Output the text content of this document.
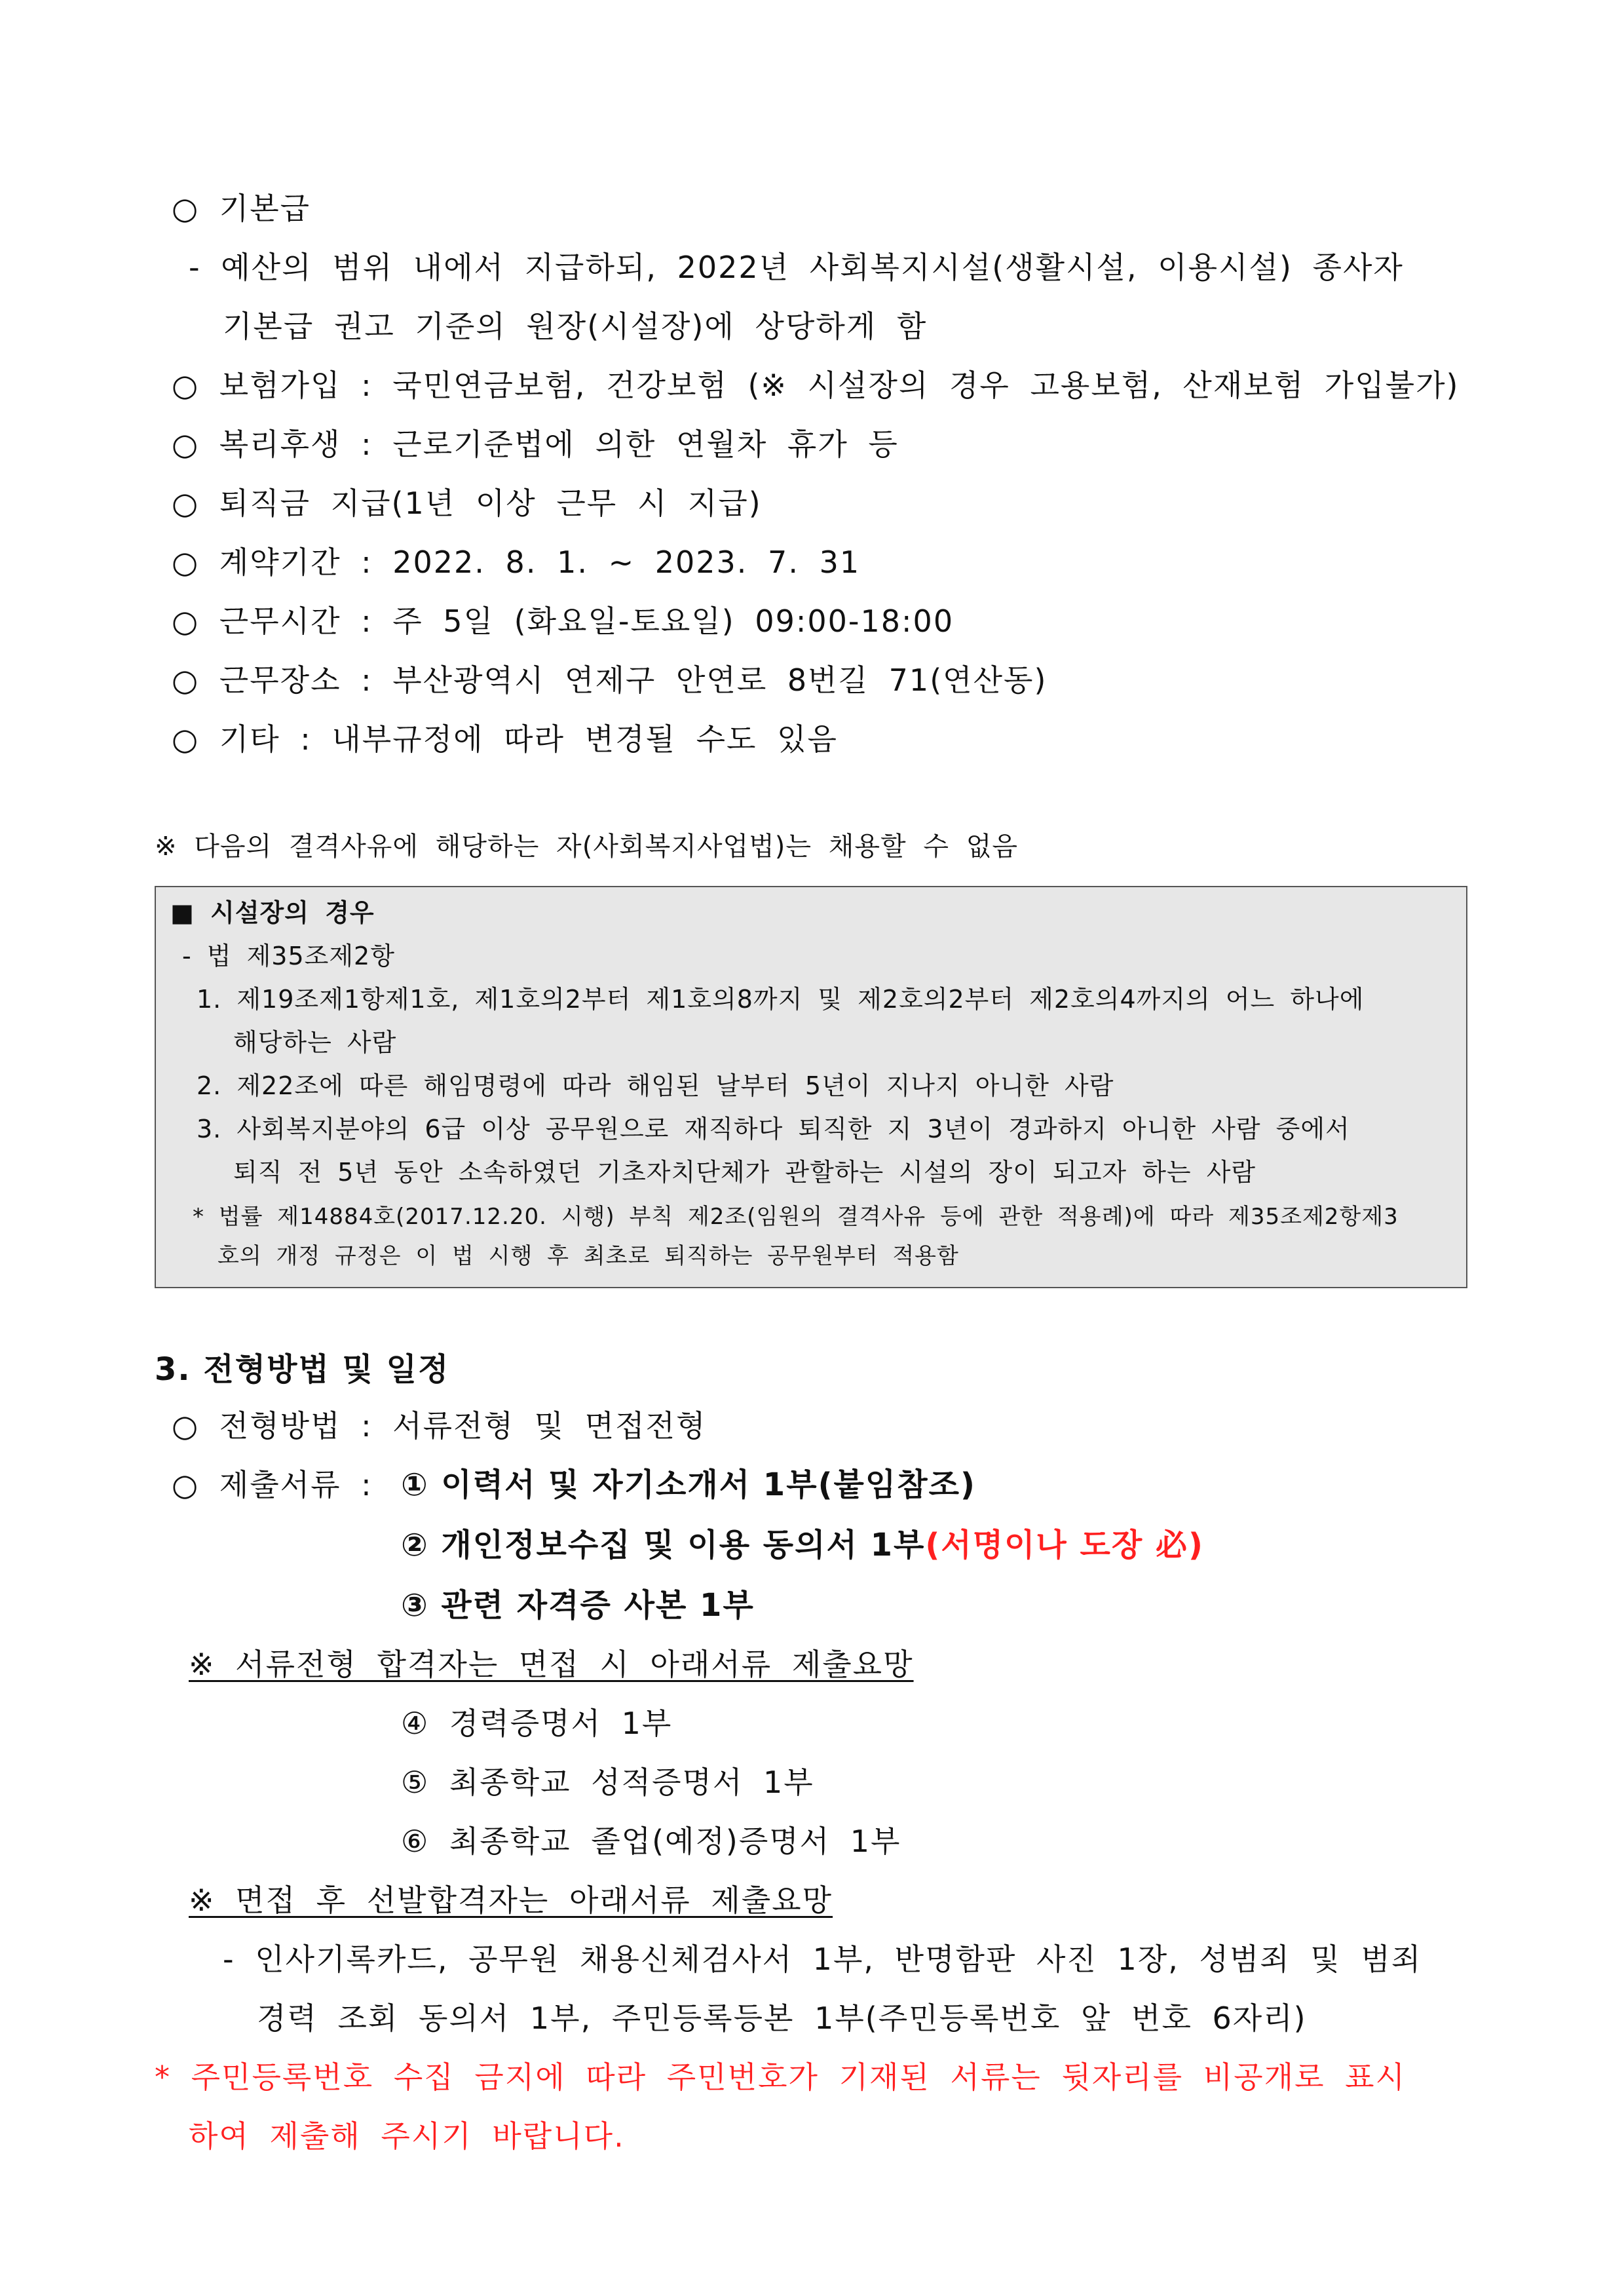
○ 기본급
- 예산의 범위 내에서 지급하되, 2022년 사회복지시설(생활시설, 이용시설) 종사자
기본급 권고 기준의 원장(시설장)에 상당하게 함
○ 보험가입 : 국민연금보험, 건강보험 (※ 시설장의 경우 고용보험, 산재보험 가입불가)
○ 복리후생 : 근로기준법에 의한 연월차 휴가 등
○ 퇴직금 지급(1년 이상 근무 시 지급)
○ 계약기간 : 2022. 8. 1. ~ 2023. 7. 31
○ 근무시간 : 주 5일 (화요일-토요일) 09:00-18:00
○ 근무장소 : 부산광역시 연제구 안연로 8번길 71(연산동)
○ 기타 : 내부규정에 따라 변경될 수도 있음
※ 다음의 결격사유에 해당하는 자(사회복지사업법)는 채용할 수 없음
■ 시설장의 경우
- 법 제35조제2항
1. 제19조제1항제1호, 제1호의2부터 제1호의8까지 및 제2호의2부터 제2호의4까지의 어느 하나에
해당하는 사람
2. 제22조에 따른 해임명령에 따라 해임된 날부터 5년이 지나지 아니한 사람
3. 사회복지분야의 6급 이상 공무원으로 재직하다 퇴직한 지 3년이 경과하지 아니한 사람 중에서
퇴직 전 5년 동안 소속하였던 기초자치단체가 관할하는 시설의 장이 되고자 하는 사람
* 법률 제14884호(2017.12.20. 시행) 부칙 제2조(임원의 결격사유 등에 관한 적용례)에 따라 제35조제2항제3
호의 개정 규정은 이 법 시행 후 최초로 퇴직하는 공무원부터 적용함
3. 전형방법 및 일정
○ 전형방법 : 서류전형 및 면접전형
○ 제출서류 : ① 이력서 및 자기소개서 1부(붙임참조)
② 개인정보수집 및 이용 동의서 1부(서명이나 도장 必)
③ 관련 자격증 사본 1부
※ 서류전형 합격자는 면접 시 아래서류 제출요망
④ 경력증명서 1부
⑤ 최종학교 성적증명서 1부
⑥ 최종학교 졸업(예정)증명서 1부
※ 면접 후 선발합격자는 아래서류 제출요망
- 인사기록카드, 공무원 채용신체검사서 1부, 반명함판 사진 1장, 성범죄 및 범죄
경력 조회 동의서 1부, 주민등록등본 1부(주민등록번호 앞 번호 6자리)
* 주민등록번호 수집 금지에 따라 주민번호가 기재된 서류는 뒷자리를 비공개로 표시
하여 제출해 주시기 바랍니다.
